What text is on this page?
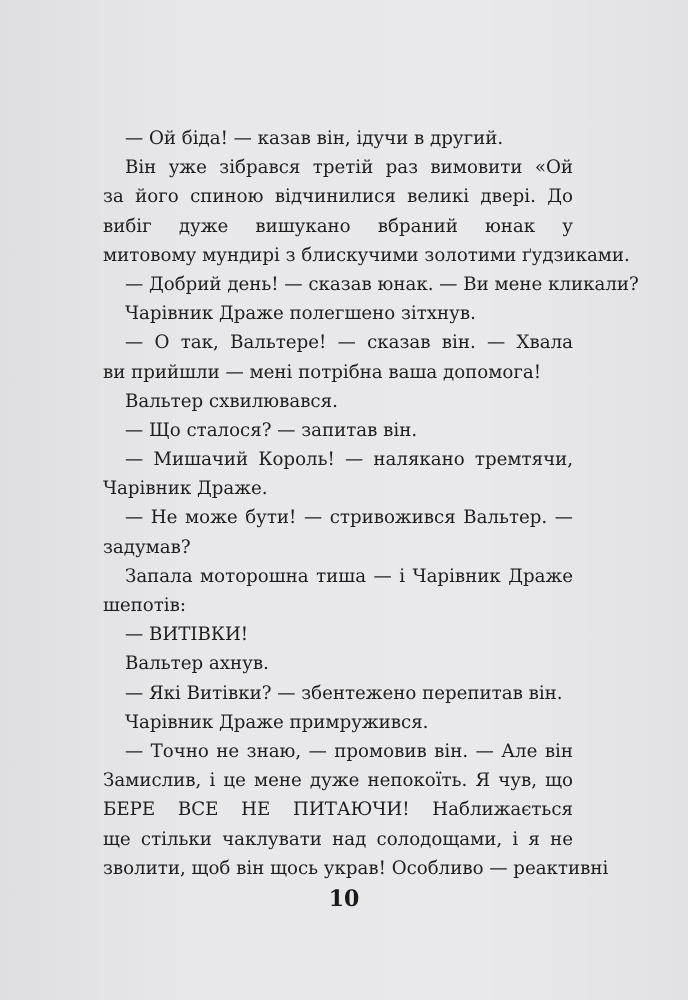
— Ой біда! — казав він, ідучи в другий.
Він уже зібрався третій раз вимовити «Ой
за його спиною відчинилися великі двері. До
вибіг дуже вишукано вбраний юнак у
митовому мундирі з блискучими золотими ґудзиками.
— Добрий день! — сказав юнак. — Ви мене кликали?
Чарівник Драже полегшено зітхнув.
— О так, Вальтере! — сказав він. — Хвала
ви прийшли — мені потрібна ваша допомога!
Вальтер схвилювався.
— Що сталося? — запитав він.
— Мишачий Король! — налякано тремтячи,
Чарівник Драже.
— Не може бути! — стривожився Вальтер. —
задумав?
Запала моторошна тиша — і Чарівник Драже
шепотів:
— ВИТІВКИ!
Вальтер ахнув.
— Які Витівки? — збентежено перепитав він.
Чарівник Драже примружився.
— Точно не знаю, — промовив він. — Але він
Замислив, і це мене дуже непокоїть. Я чув, що
БЕРЕ ВСЕ НЕ ПИТАЮЧИ! Наближається
ще стільки чаклувати над солодощами, і я не
зволити, щоб він щось украв! Особливо — реактивні
10
